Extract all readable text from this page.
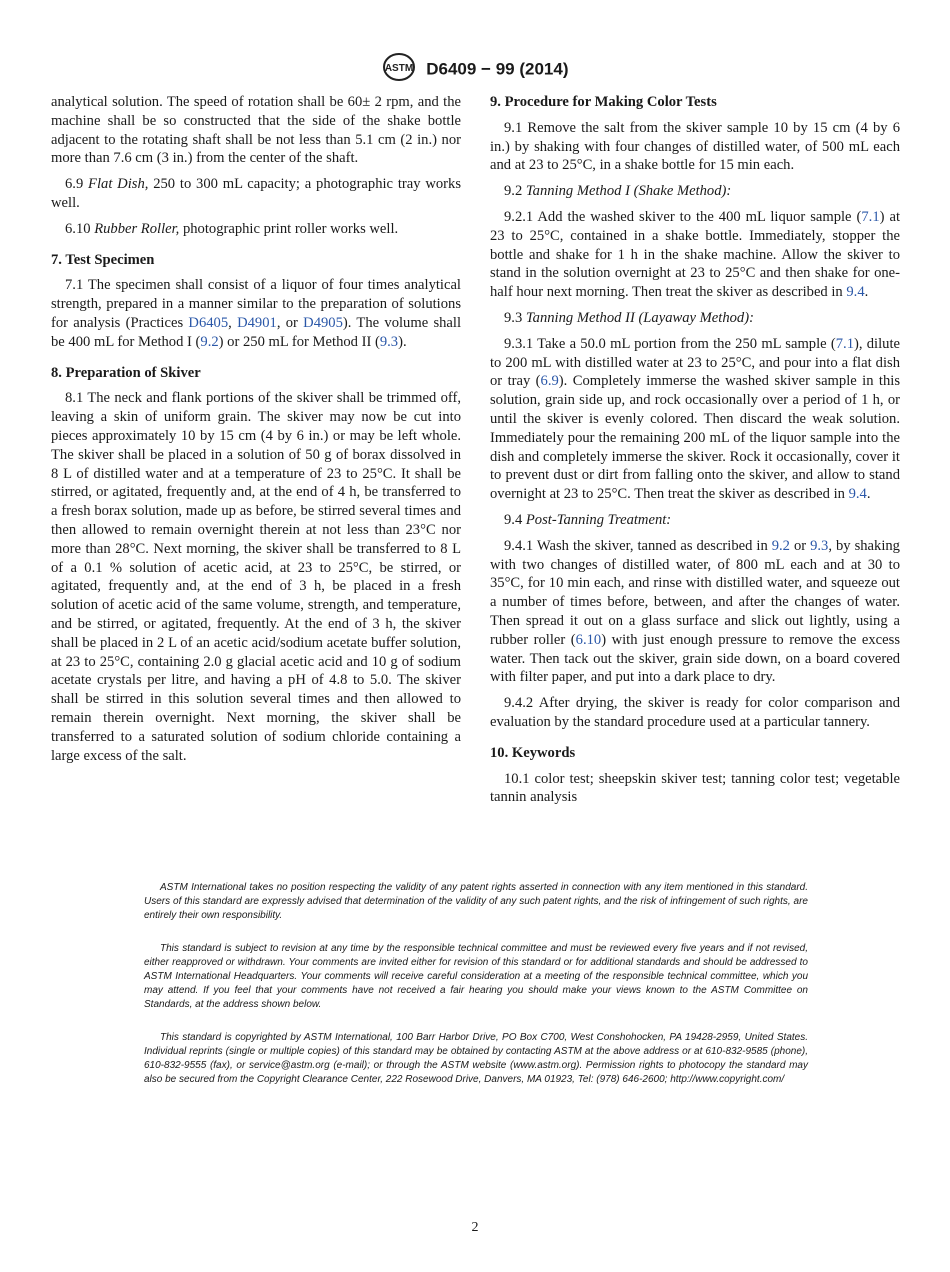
ASTM D6409 − 99 (2014)

analytical solution. The speed of rotation shall be 60± 2 rpm, and the machine shall be so constructed that the side of the shake bottle adjacent to the rotating shaft shall be not less than 5.1 cm (2 in.) nor more than 7.6 cm (3 in.) from the center of the shaft.

6.9 Flat Dish, 250 to 300 mL capacity; a photographic tray works well.

6.10 Rubber Roller, photographic print roller works well.

7. Test Specimen

7.1 The specimen shall consist of a liquor of four times analytical strength, prepared in a manner similar to the preparation of solutions for analysis (Practices D6405, D4901, or D4905). The volume shall be 400 mL for Method I (9.2) or 250 mL for Method II (9.3).

8. Preparation of Skiver

8.1 The neck and flank portions of the skiver shall be trimmed off, leaving a skin of uniform grain. The skiver may now be cut into pieces approximately 10 by 15 cm (4 by 6 in.) or may be left whole. The skiver shall be placed in a solution of 50 g of borax dissolved in 8 L of distilled water and at a temperature of 23 to 25°C. It shall be stirred, or agitated, frequently and, at the end of 4 h, be transferred to a fresh borax solution, made up as before, be stirred several times and then allowed to remain overnight therein at not less than 23°C nor more than 28°C. Next morning, the skiver shall be transferred to 8 L of a 0.1 % solution of acetic acid, at 23 to 25°C, be stirred, or agitated, frequently and, at the end of 3 h, be placed in a fresh solution of acetic acid of the same volume, strength, and temperature, and be stirred, or agitated, frequently. At the end of 3 h, the skiver shall be placed in 2 L of an acetic acid/sodium acetate buffer solution, at 23 to 25°C, containing 2.0 g glacial acetic acid and 10 g of sodium acetate crystals per litre, and having a pH of 4.8 to 5.0. The skiver shall be stirred in this solution several times and then allowed to remain therein overnight. Next morning, the skiver shall be transferred to a saturated solution of sodium chloride containing a large excess of the salt.

9. Procedure for Making Color Tests

9.1 Remove the salt from the skiver sample 10 by 15 cm (4 by 6 in.) by shaking with four changes of distilled water, of 500 mL each and at 23 to 25°C, in a shake bottle for 15 min each.

9.2 Tanning Method I (Shake Method):

9.2.1 Add the washed skiver to the 400 mL liquor sample (7.1) at 23 to 25°C, contained in a shake bottle. Immediately, stopper the bottle and shake for 1 h in the shake machine. Allow the skiver to stand in the solution overnight at 23 to 25°C and then shake for one-half hour next morning. Then treat the skiver as described in 9.4.

9.3 Tanning Method II (Layaway Method):

9.3.1 Take a 50.0 mL portion from the 250 mL sample (7.1), dilute to 200 mL with distilled water at 23 to 25°C, and pour into a flat dish or tray (6.9). Completely immerse the washed skiver sample in this solution, grain side up, and rock occasionally over a period of 1 h, or until the skiver is evenly colored. Then discard the weak solution. Immediately pour the remaining 200 mL of the liquor sample into the dish and completely immerse the skiver. Rock it occasionally, cover it to prevent dust or dirt from falling onto the skiver, and allow to stand overnight at 23 to 25°C. Then treat the skiver as described in 9.4.

9.4 Post-Tanning Treatment:

9.4.1 Wash the skiver, tanned as described in 9.2 or 9.3, by shaking with two changes of distilled water, of 800 mL each and at 30 to 35°C, for 10 min each, and rinse with distilled water, and squeeze out a number of times before, between, and after the changes of water. Then spread it out on a glass surface and slick out lightly, using a rubber roller (6.10) with just enough pressure to remove the excess water. Then tack out the skiver, grain side down, on a board covered with filter paper, and put into a dark place to dry.

9.4.2 After drying, the skiver is ready for color comparison and evaluation by the standard procedure used at a particular tannery.

10. Keywords

10.1 color test; sheepskin skiver test; tanning color test; vegetable tannin analysis

ASTM International takes no position respecting the validity of any patent rights asserted in connection with any item mentioned in this standard. Users of this standard are expressly advised that determination of the validity of any such patent rights, and the risk of infringement of such rights, are entirely their own responsibility.

This standard is subject to revision at any time by the responsible technical committee and must be reviewed every five years and if not revised, either reapproved or withdrawn. Your comments are invited either for revision of this standard or for additional standards and should be addressed to ASTM International Headquarters. Your comments will receive careful consideration at a meeting of the responsible technical committee, which you may attend. If you feel that your comments have not received a fair hearing you should make your views known to the ASTM Committee on Standards, at the address shown below.

This standard is copyrighted by ASTM International, 100 Barr Harbor Drive, PO Box C700, West Conshohocken, PA 19428-2959, United States. Individual reprints (single or multiple copies) of this standard may be obtained by contacting ASTM at the above address or at 610-832-9585 (phone), 610-832-9555 (fax), or service@astm.org (e-mail); or through the ASTM website (www.astm.org). Permission rights to photocopy the standard may also be secured from the Copyright Clearance Center, 222 Rosewood Drive, Danvers, MA 01923, Tel: (978) 646-2600; http://www.copyright.com/

2
